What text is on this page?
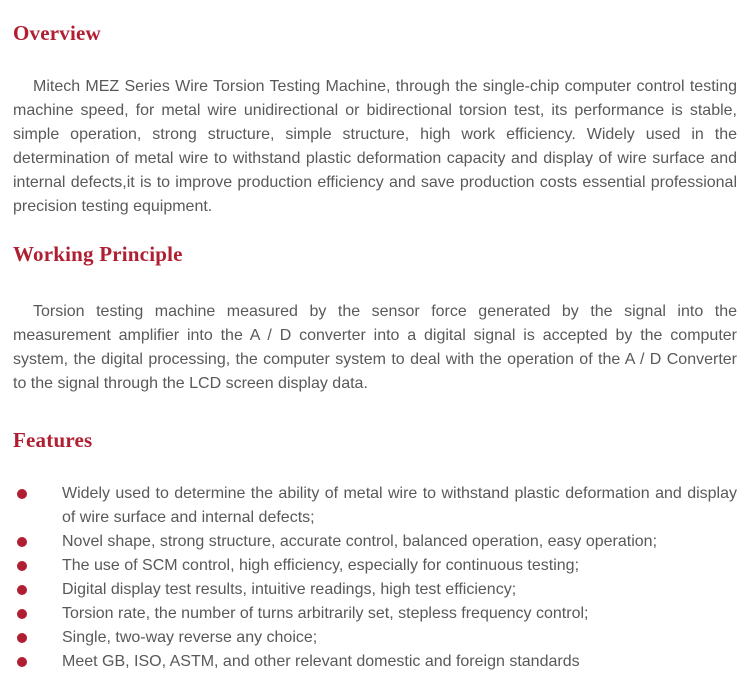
Overview

Mitech MEZ Series Wire Torsion Testing Machine, through the single-chip computer control testing machine speed, for metal wire unidirectional or bidirectional torsion test, its performance is stable, simple operation, strong structure, simple structure, high work efficiency. Widely used in the determination of metal wire to withstand plastic deformation capacity and display of wire surface and internal defects,it is to improve production efficiency and save production costs essential professional precision testing equipment.

Working Principle

Torsion testing machine measured by the sensor force generated by the signal into the measurement amplifier into the A / D converter into a digital signal is accepted by the computer system, the digital processing, the computer system to deal with the operation of the A / D Converter to the signal through the LCD screen display data.

Features
Widely used to determine the ability of metal wire to withstand plastic deformation and display of wire surface and internal defects;
Novel shape, strong structure, accurate control, balanced operation, easy operation;
The use of SCM control, high efficiency, especially for continuous testing;
Digital display test results, intuitive readings, high test efficiency;
Torsion rate, the number of turns arbitrarily set, stepless frequency control;
Single, two-way reverse any choice;
Meet GB, ISO, ASTM, and other relevant domestic and foreign standards
